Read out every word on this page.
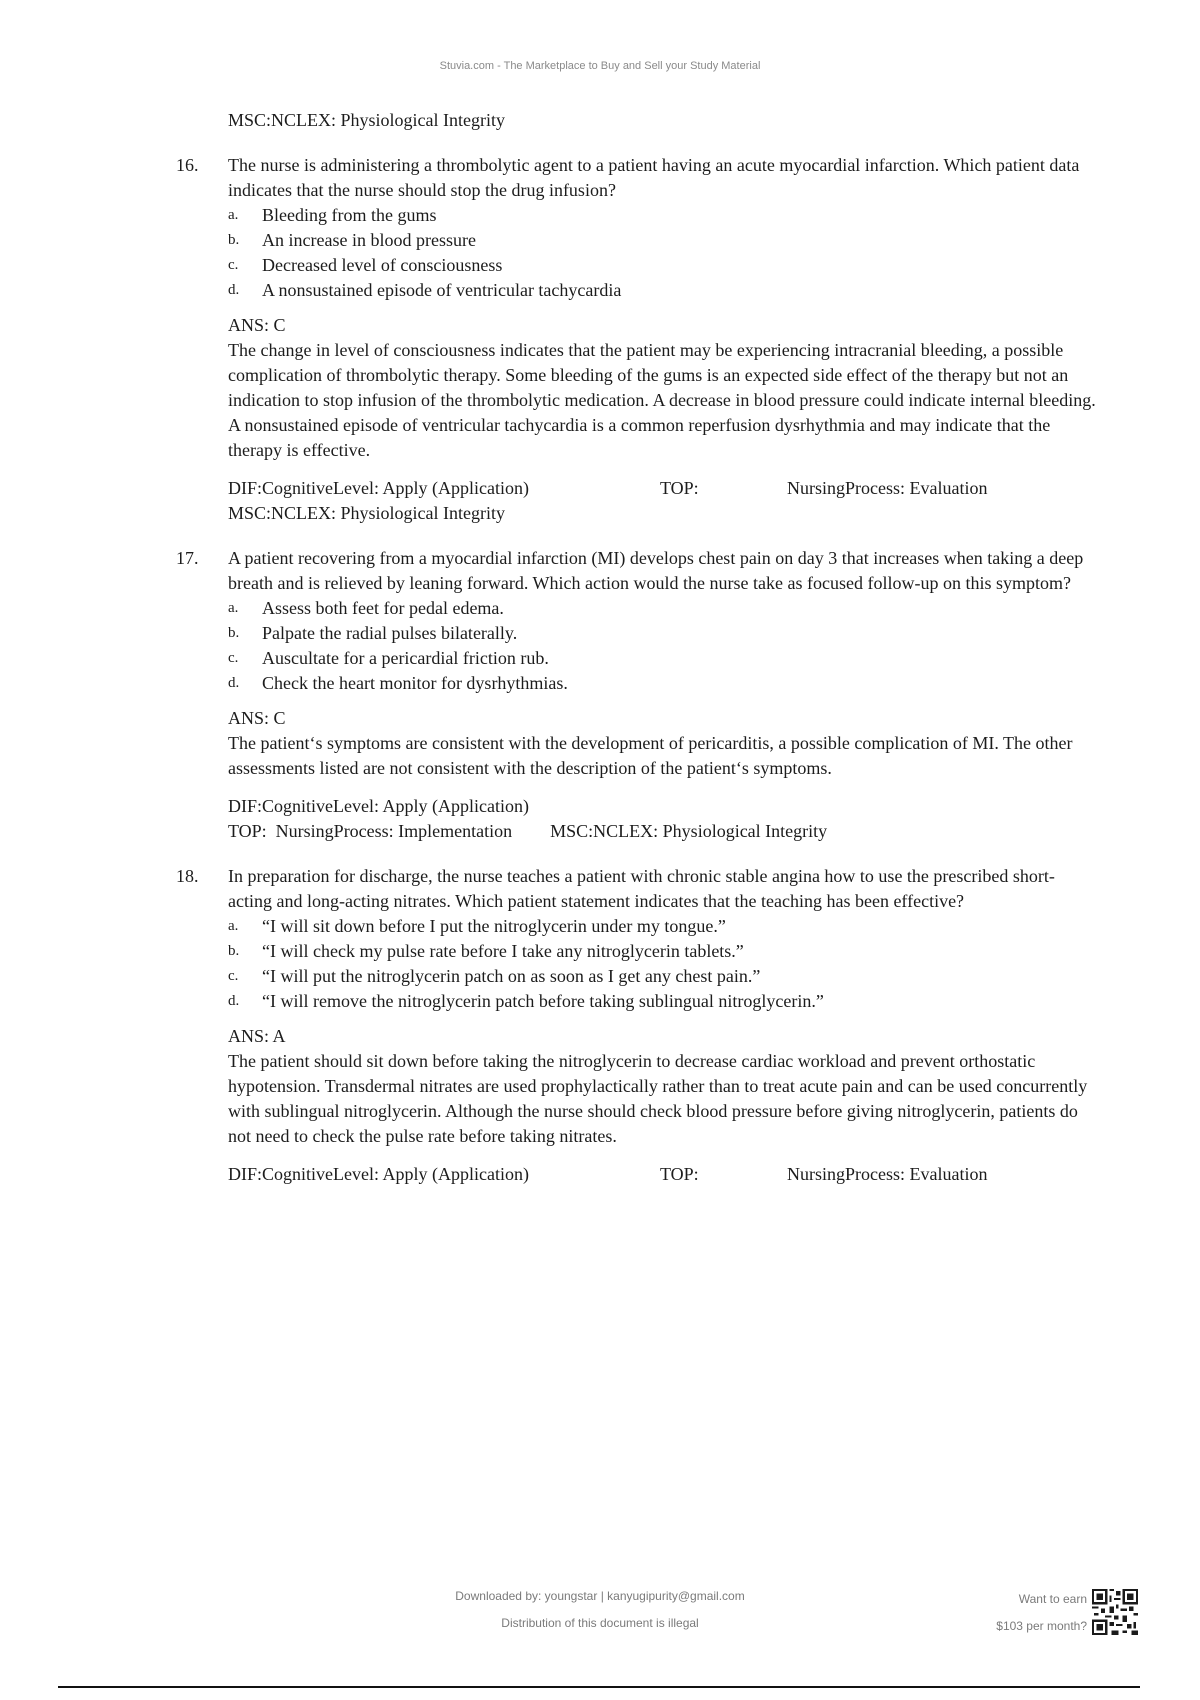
Stuvia.com - The Marketplace to Buy and Sell your Study Material
MSC:NCLEX: Physiological Integrity
16. The nurse is administering a thrombolytic agent to a patient having an acute myocardial infarction. Which patient data indicates that the nurse should stop the drug infusion?

a.	Bleeding from the gums
b.	An increase in blood pressure
c.	Decreased level of consciousness
d.	A nonsustained episode of ventricular tachycardia
ANS: C

The change in level of consciousness indicates that the patient may be experiencing intracranial bleeding, a possible complication of thrombolytic therapy. Some bleeding of the gums is an expected side effect of the therapy but not an indication to stop infusion of the thrombolytic medication. A decrease in blood pressure could indicate internal bleeding. A nonsustained episode of ventricular tachycardia is a common reperfusion dysrhythmia and may indicate that the therapy is effective.

DIF:CognitiveLevel: Apply (Application)	TOP:	NursingProcess: Evaluation
MSC:NCLEX: Physiological Integrity
17. A patient recovering from a myocardial infarction (MI) develops chest pain on day 3 that increases when taking a deep breath and is relieved by leaning forward. Which action would the nurse take as focused follow-up on this symptom?

a.	Assess both feet for pedal edema.
b.	Palpate the radial pulses bilaterally.
c.	Auscultate for a pericardial friction rub.
d.	Check the heart monitor for dysrhythmias.
ANS: C

The patient‘s symptoms are consistent with the development of pericarditis, a possible complication of MI. The other assessments listed are not consistent with the description of the patient‘s symptoms.

DIF:CognitiveLevel: Apply (Application)
TOP:  NursingProcess: Implementation MSC:NCLEX: Physiological Integrity
18. In preparation for discharge, the nurse teaches a patient with chronic stable angina how to use the prescribed short-acting and long-acting nitrates. Which patient statement indicates that the teaching has been effective?

a.	“I will sit down before I put the nitroglycerin under my tongue.”
b.	“I will check my pulse rate before I take any nitroglycerin tablets.”
c.	“I will put the nitroglycerin patch on as soon as I get any chest pain.”
d.	“I will remove the nitroglycerin patch before taking sublingual nitroglycerin.”
ANS: A

The patient should sit down before taking the nitroglycerin to decrease cardiac workload and prevent orthostatic hypotension. Transdermal nitrates are used prophylactically rather than to treat acute pain and can be used concurrently with sublingual nitroglycerin. Although the nurse should check blood pressure before giving nitroglycerin, patients do not need to check the pulse rate before taking nitrates.

DIF:CognitiveLevel: Apply (Application)	TOP:	NursingProcess: Evaluation
Downloaded by: youngstar | kanyugipurity@gmail.com
Distribution of this document is illegal
Want to earn
$103 per month?
